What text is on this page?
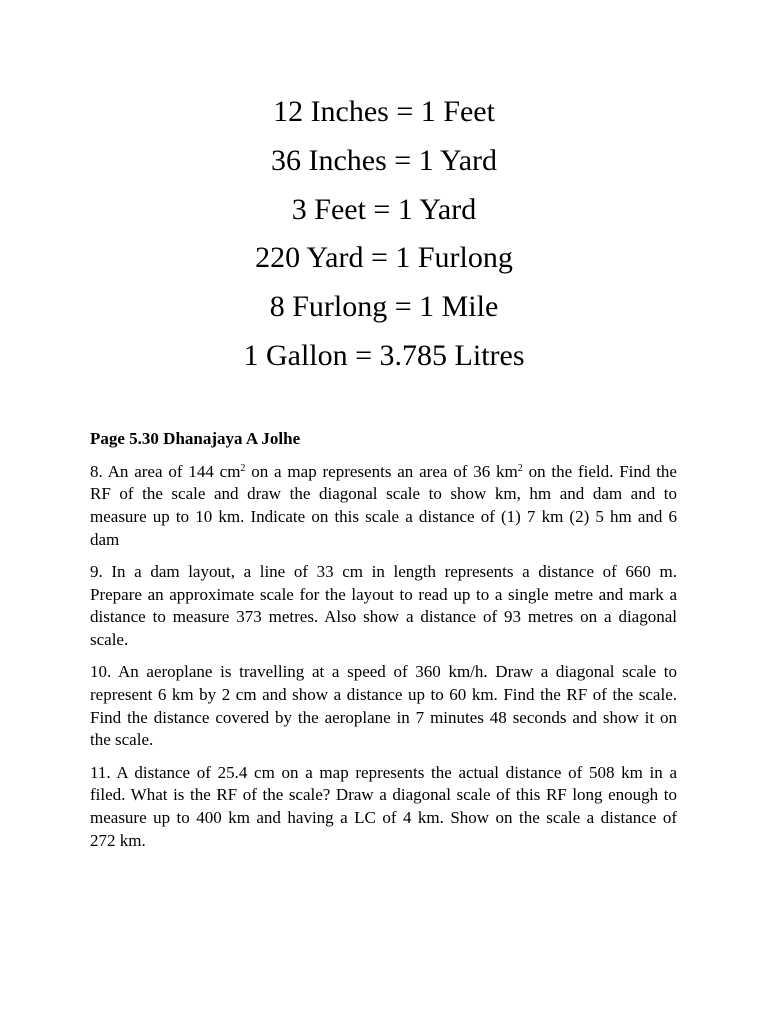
12 Inches = 1 Feet
36 Inches = 1 Yard
3 Feet = 1 Yard
220 Yard = 1 Furlong
8 Furlong = 1 Mile
1 Gallon = 3.785 Litres
Page 5.30 Dhanajaya A Jolhe
8. An area of 144 $cm^2$ on a map represents an area of 36 $km^2$ on the field. Find the
RF of the scale and draw the diagonal scale to show km, hm and dam and to
measure up to 10 km. Indicate on this scale a distance of (1) 7 km (2) 5 hm and 6
dam
9. In a dam layout, a line of 33 cm in length represents a distance of 660 m.
Prepare an approximate scale for the layout to read up to a single metre and mark a
distance to measure 373 metres. Also show a distance of 93 metres on a diagonal
scale.
10. An aeroplane is travelling at a speed of 360 km/h. Draw a diagonal scale to
represent 6 km by 2 cm and show a distance up to 60 km. Find the RF of the scale.
Find the distance covered by the aeroplane in 7 minutes 48 seconds and show it on
the scale.
11. A distance of 25.4 cm on a map represents the actual distance of 508 km in a
filed. What is the RF of the scale? Draw a diagonal scale of this RF long enough to
measure up to 400 km and having a LC of 4 km. Show on the scale a distance of
272 km.
